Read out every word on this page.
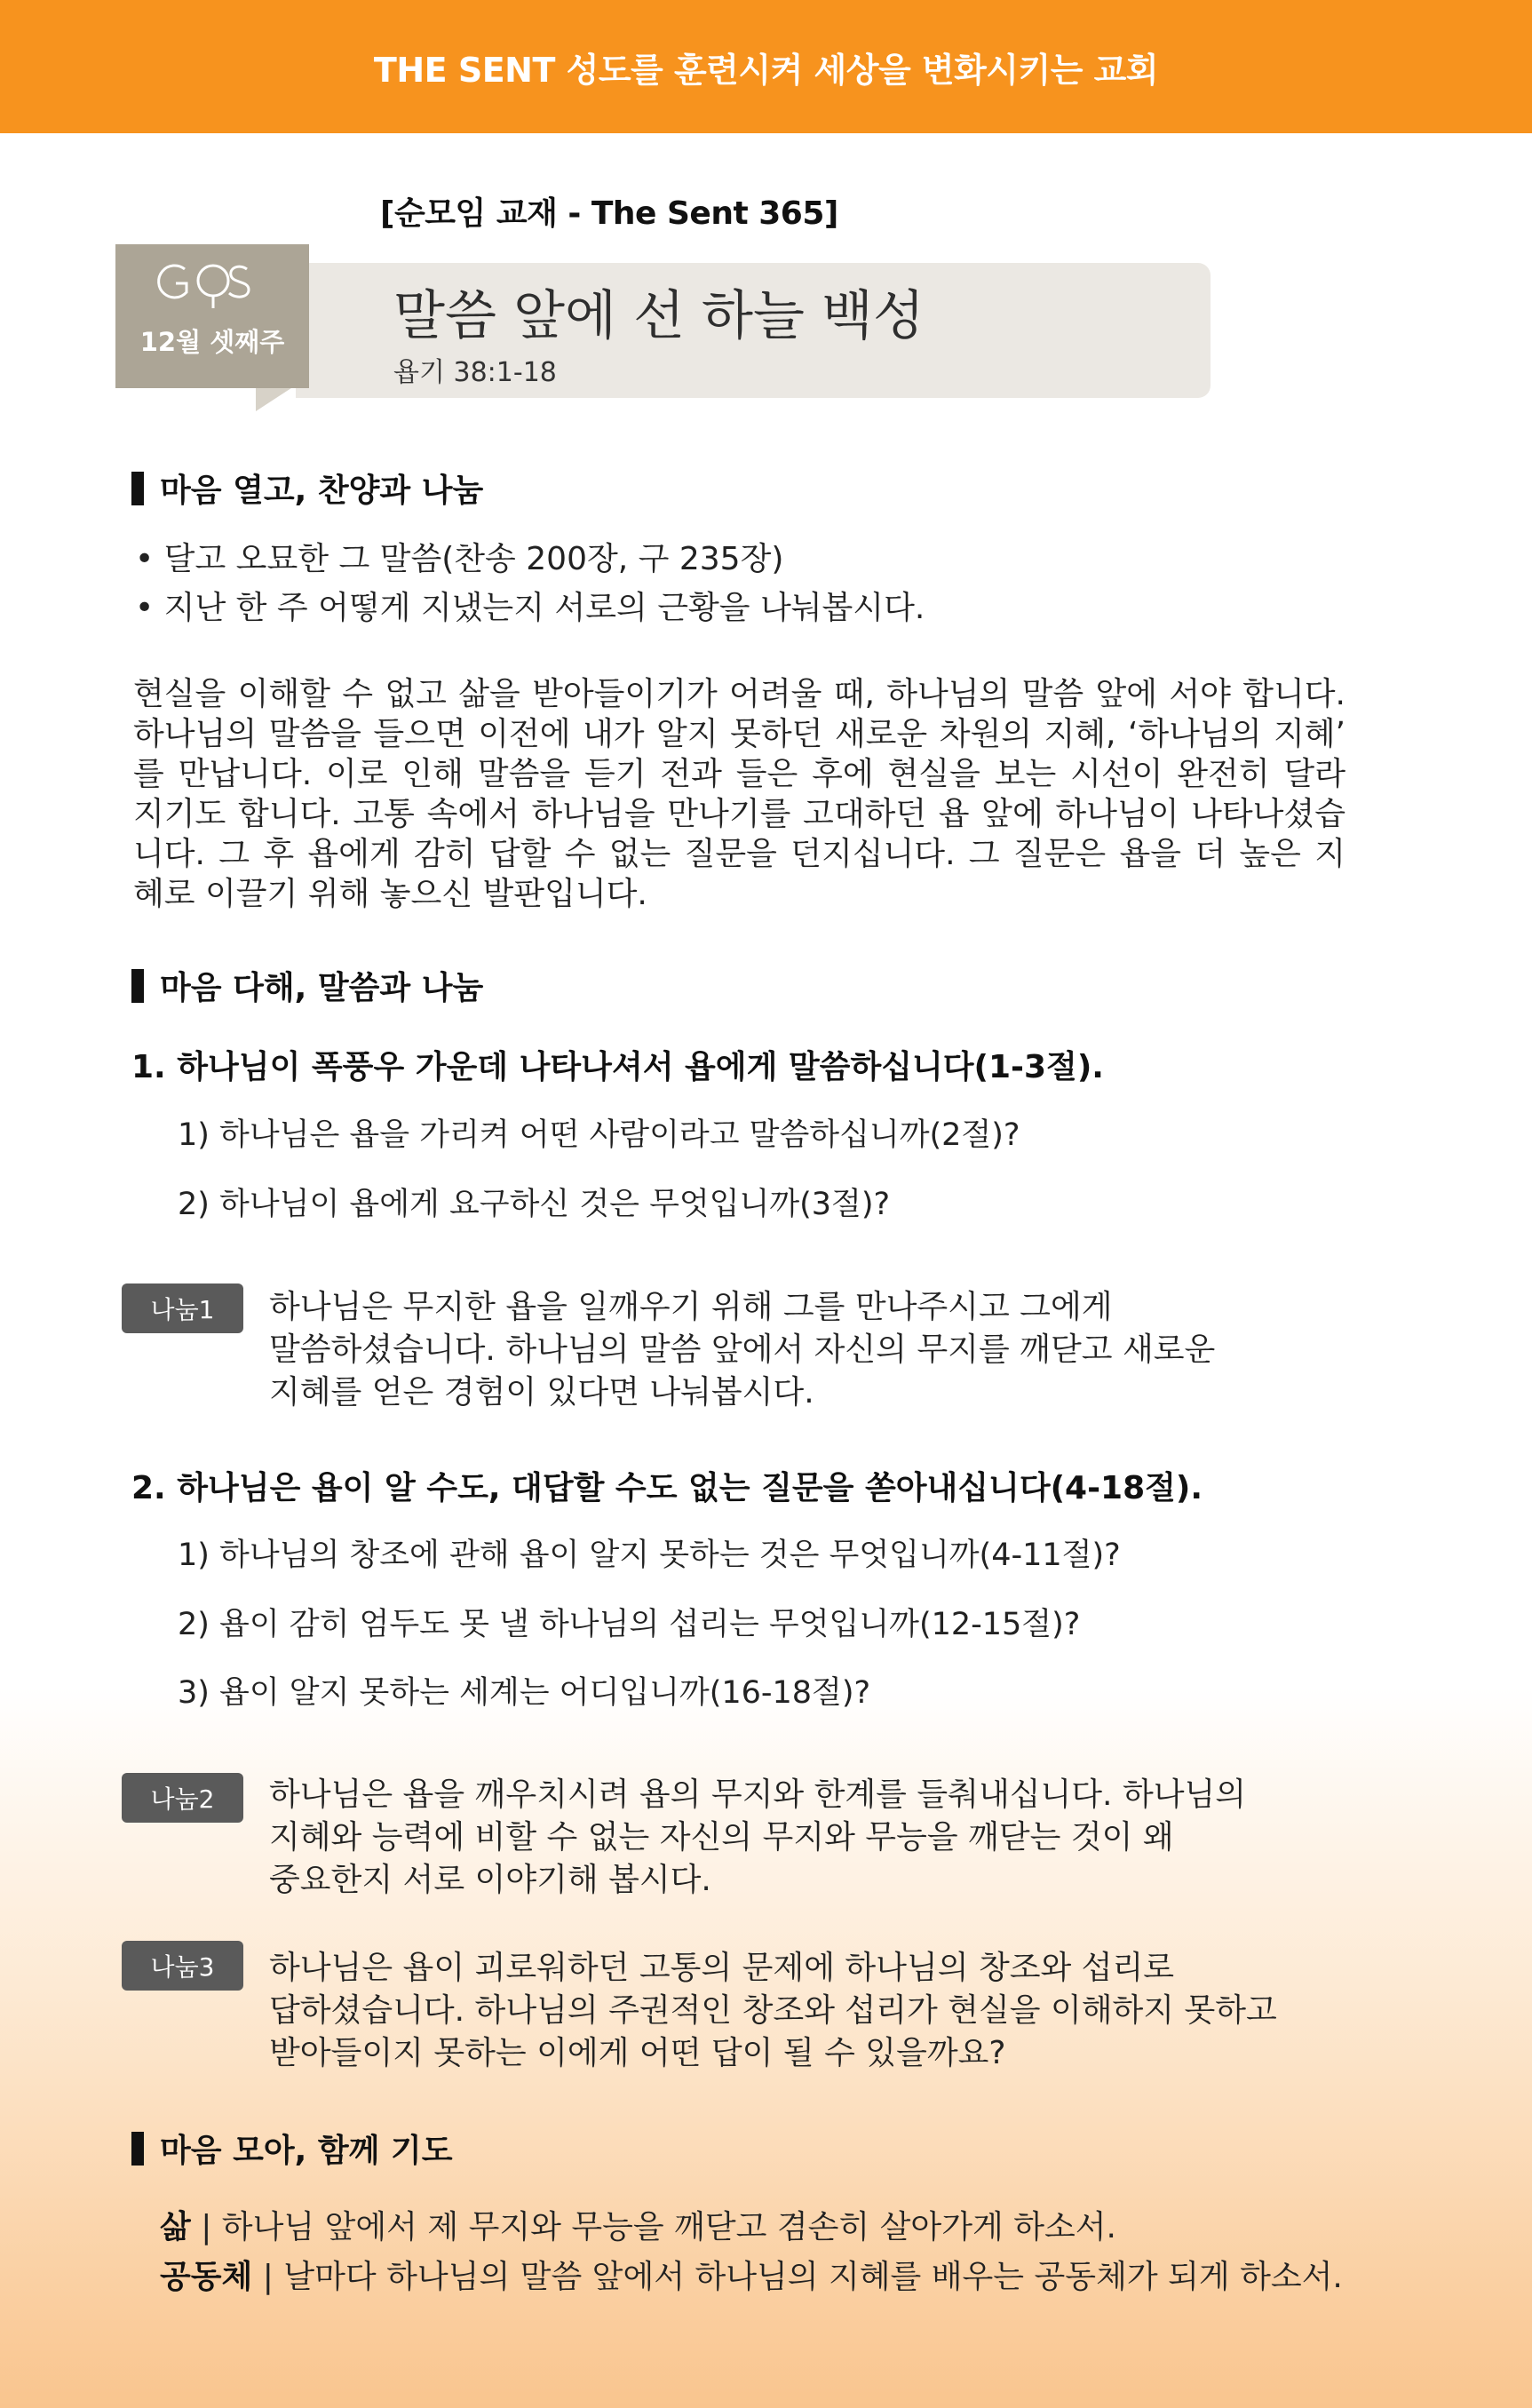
THE SENT 성도를 훈련시켜 세상을 변화시키는 교회
[순모임 교재 - The Sent 365]
12월 셋째주	말씀 앞에 선 하늘 백성
욥기 38:1-18
마음 열고, 찬양과 나눔
• 달고 오묘한 그 말씀(찬송 200장, 구 235장)
• 지난 한 주 어떻게 지냈는지 서로의 근황을 나눠봅시다.
현실을 이해할 수 없고 삶을 받아들이기가 어려울 때, 하나님의 말씀 앞에 서야 합니다.
하나님의 말씀을 들으면 이전에 내가 알지 못하던 새로운 차원의 지혜, ‘하나님의 지혜’
를 만납니다. 이로 인해 말씀을 듣기 전과 들은 후에 현실을 보는 시선이 완전히 달라
지기도 합니다. 고통 속에서 하나님을 만나기를 고대하던 욥 앞에 하나님이 나타나셨습
니다. 그 후 욥에게 감히 답할 수 없는 질문을 던지십니다. 그 질문은 욥을 더 높은 지
혜로 이끌기 위해 놓으신 발판입니다.
마음 다해, 말씀과 나눔
1. 하나님이 폭풍우 가운데 나타나셔서 욥에게 말씀하십니다(1-3절).
1) 하나님은 욥을 가리켜 어떤 사람이라고 말씀하십니까(2절)?
2) 하나님이 욥에게 요구하신 것은 무엇입니까(3절)?
나눔1	하나님은 무지한 욥을 일깨우기 위해 그를 만나주시고 그에게
말씀하셨습니다. 하나님의 말씀 앞에서 자신의 무지를 깨닫고 새로운
지혜를 얻은 경험이 있다면 나눠봅시다.
2. 하나님은 욥이 알 수도, 대답할 수도 없는 질문을 쏟아내십니다(4-18절).
1) 하나님의 창조에 관해 욥이 알지 못하는 것은 무엇입니까(4-11절)?
2) 욥이 감히 엄두도 못 낼 하나님의 섭리는 무엇입니까(12-15절)?
3) 욥이 알지 못하는 세계는 어디입니까(16-18절)?
나눔2	하나님은 욥을 깨우치시려 욥의 무지와 한계를 들춰내십니다. 하나님의
지혜와 능력에 비할 수 없는 자신의 무지와 무능을 깨닫는 것이 왜
중요한지 서로 이야기해 봅시다.
나눔3	하나님은 욥이 괴로워하던 고통의 문제에 하나님의 창조와 섭리로
답하셨습니다. 하나님의 주권적인 창조와 섭리가 현실을 이해하지 못하고
받아들이지 못하는 이에게 어떤 답이 될 수 있을까요?
마음 모아, 함께 기도
삶 | 하나님 앞에서 제 무지와 무능을 깨닫고 겸손히 살아가게 하소서.
공동체 | 날마다 하나님의 말씀 앞에서 하나님의 지혜를 배우는 공동체가 되게 하소서.
